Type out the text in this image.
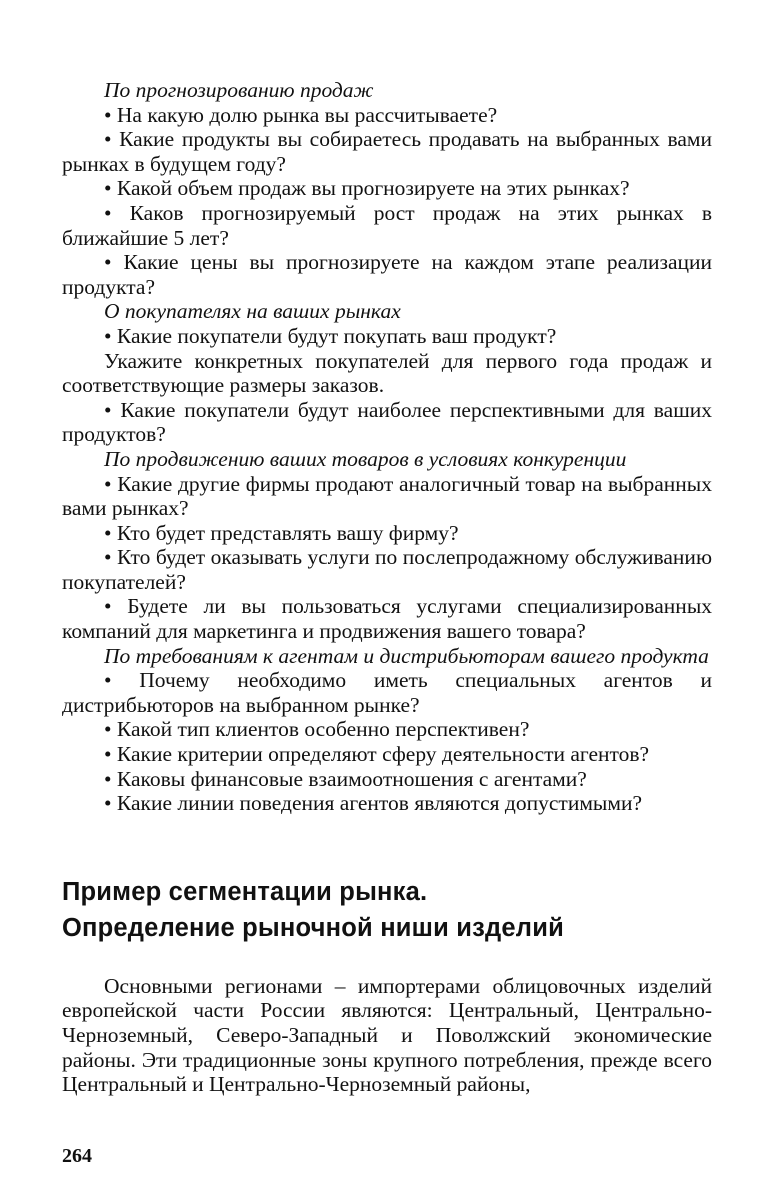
По прогнозированию продаж

• На какую долю рынка вы рассчитываете?

• Какие продукты вы собираетесь продавать на выбранных вами рынках в будущем году?

• Какой объем продаж вы прогнозируете на этих рынках?

• Каков прогнозируемый рост продаж на этих рынках в ближайшие 5 лет?

• Какие цены вы прогнозируете на каждом этапе реализации продукта?

О покупателях на ваших рынках

• Какие покупатели будут покупать ваш продукт?

Укажите конкретных покупателей для первого года продаж и соответствующие размеры заказов.

• Какие покупатели будут наиболее перспективными для ваших продуктов?

По продвижению ваших товаров в условиях конкуренции

• Какие другие фирмы продают аналогичный товар на выбранных вами рынках?

• Кто будет представлять вашу фирму?

• Кто будет оказывать услуги по послепродажному обслуживанию покупателей?

• Будете ли вы пользоваться услугами специализированных компаний для маркетинга и продвижения вашего товара?

По требованиям к агентам и дистрибьюторам вашего продукта

• Почему необходимо иметь специальных агентов и дистрибьюторов на выбранном рынке?

• Какой тип клиентов особенно перспективен?

• Какие критерии определяют сферу деятельности агентов?

• Каковы финансовые взаимоотношения с агентами?

• Какие линии поведения агентов являются допустимыми?

Пример сегментации рынка.

Определение рыночной ниши изделий

Основными регионами – импортерами облицовочных изделий европейской части России являются: Центральный, Центрально-Черноземный, Северо-Западный и Поволжский экономические районы. Эти традиционные зоны крупного потребления, прежде всего Центральный и Центрально-Черноземный районы,

264
